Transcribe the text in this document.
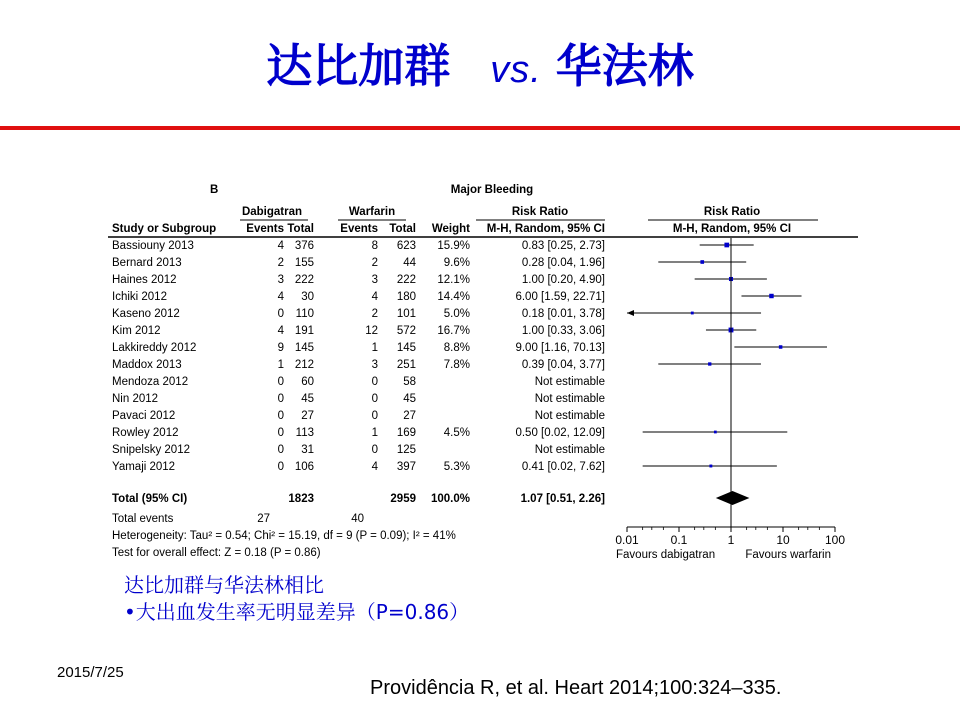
达比加群 vs. 华法林
B	Major Bleeding
Dabigatran	Warfarin	Risk Ratio	Risk Ratio
Study or Subgroup	Events Total Events Total Weight M-H, Random, 95% CI	M-H, Random, 95% CI
Bassiouny 2013	4 376	8 623 15.9%	0.83 [0.25, 2.73]
Bernard 2013	2 155	2 44 9.6%	0.28 [0.04, 1.96]
Haines 2012	3 222	3 222 12.1%	1.00 [0.20, 4.90]
Ichiki 2012	4 30	4 180 14.4%	6.00 [1.59, 22.71]
Kaseno 2012	0 110	2 101 5.0%	0.18 [0.01, 3.78]
Kim 2012	4 191	12 572 16.7%	1.00 [0.33, 3.06]
Lakkireddy 2012	9 145	1 145 8.8%	9.00 [1.16, 70.13]
Maddox 2013	1 212	3 251 7.8%	0.39 [0.04, 3.77]
Mendoza 2012	0 60	0 58	Not estimable
Nin 2012	0 45	0 45	Not estimable
Pavaci 2012	0 27	0 27	Not estimable
Rowley 2012	0 113	1 169 4.5%	0.50 [0.02, 12.09]
Snipelsky 2012	0 31	0 125	Not estimable
Yamaji 2012	0 106	4 397 5.3%	0.41 [0.02, 7.62]
Total (95% CI)	1823	2959 100.0%	1.07 [0.51, 2.26]
Total events	27	40
Heterogeneity: Tau² = 0.54; Chi² = 15.19, df = 9 (P = 0.09); I² = 41%
Test for overall effect: Z = 0.18 (P = 0.86)
0.01	0.1	1	10	100
Favours dabigatran	Favours warfarin
达比加群与华法林相比
•大出血发生率无明显差异（P=0.86）
2015/7/25
Providência R, et al. Heart 2014;100:324–335.
